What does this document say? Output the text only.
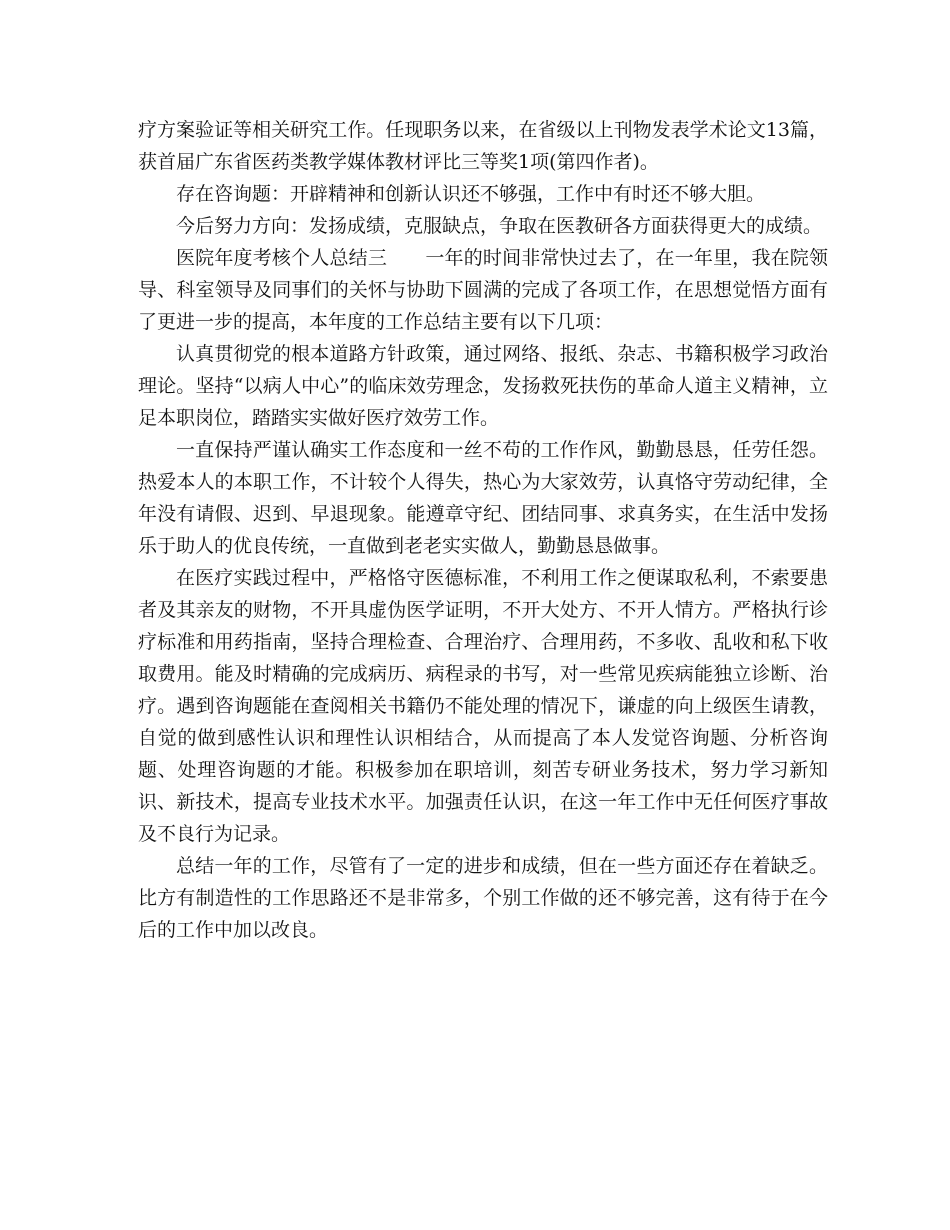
疗方案验证等相关研究工作。任现职务以来，在省级以上刊物发表学术论文13篇，获首届广东省医药类教学媒体教材评比三等奖1项(第四作者)。

存在咨询题：开辟精神和创新认识还不够强，工作中有时还不够大胆。

今后努力方向：发扬成绩，克服缺点，争取在医教研各方面获得更大的成绩。

医院年度考核个人总结三　　一年的时间非常快过去了，在一年里，我在院领导、科室领导及同事们的关怀与协助下圆满的完成了各项工作，在思想觉悟方面有了更进一步的提高，本年度的工作总结主要有以下几项：

认真贯彻党的根本道路方针政策，通过网络、报纸、杂志、书籍积极学习政治理论。坚持“以病人中心”的临床效劳理念，发扬救死扶伤的革命人道主义精神，立足本职岗位，踏踏实实做好医疗效劳工作。

一直保持严谨认确实工作态度和一丝不苟的工作作风，勤勤恳恳，任劳任怨。热爱本人的本职工作，不计较个人得失，热心为大家效劳，认真恪守劳动纪律，全年没有请假、迟到、早退现象。能遵章守纪、团结同事、求真务实，在生活中发扬乐于助人的优良传统，一直做到老老实实做人，勤勤恳恳做事。

在医疗实践过程中，严格恪守医德标准，不利用工作之便谋取私利，不索要患者及其亲友的财物，不开具虚伪医学证明，不开大处方、不开人情方。严格执行诊疗标准和用药指南，坚持合理检查、合理治疗、合理用药，不多收、乱收和私下收取费用。能及时精确的完成病历、病程录的书写，对一些常见疾病能独立诊断、治疗。遇到咨询题能在查阅相关书籍仍不能处理的情况下，谦虚的向上级医生请教，自觉的做到感性认识和理性认识相结合，从而提高了本人发觉咨询题、分析咨询题、处理咨询题的才能。积极参加在职培训，刻苦专研业务技术，努力学习新知识、新技术，提高专业技术水平。加强责任认识，在这一年工作中无任何医疗事故及不良行为记录。

总结一年的工作，尽管有了一定的进步和成绩，但在一些方面还存在着缺乏。比方有制造性的工作思路还不是非常多，个别工作做的还不够完善，这有待于在今后的工作中加以改良。
